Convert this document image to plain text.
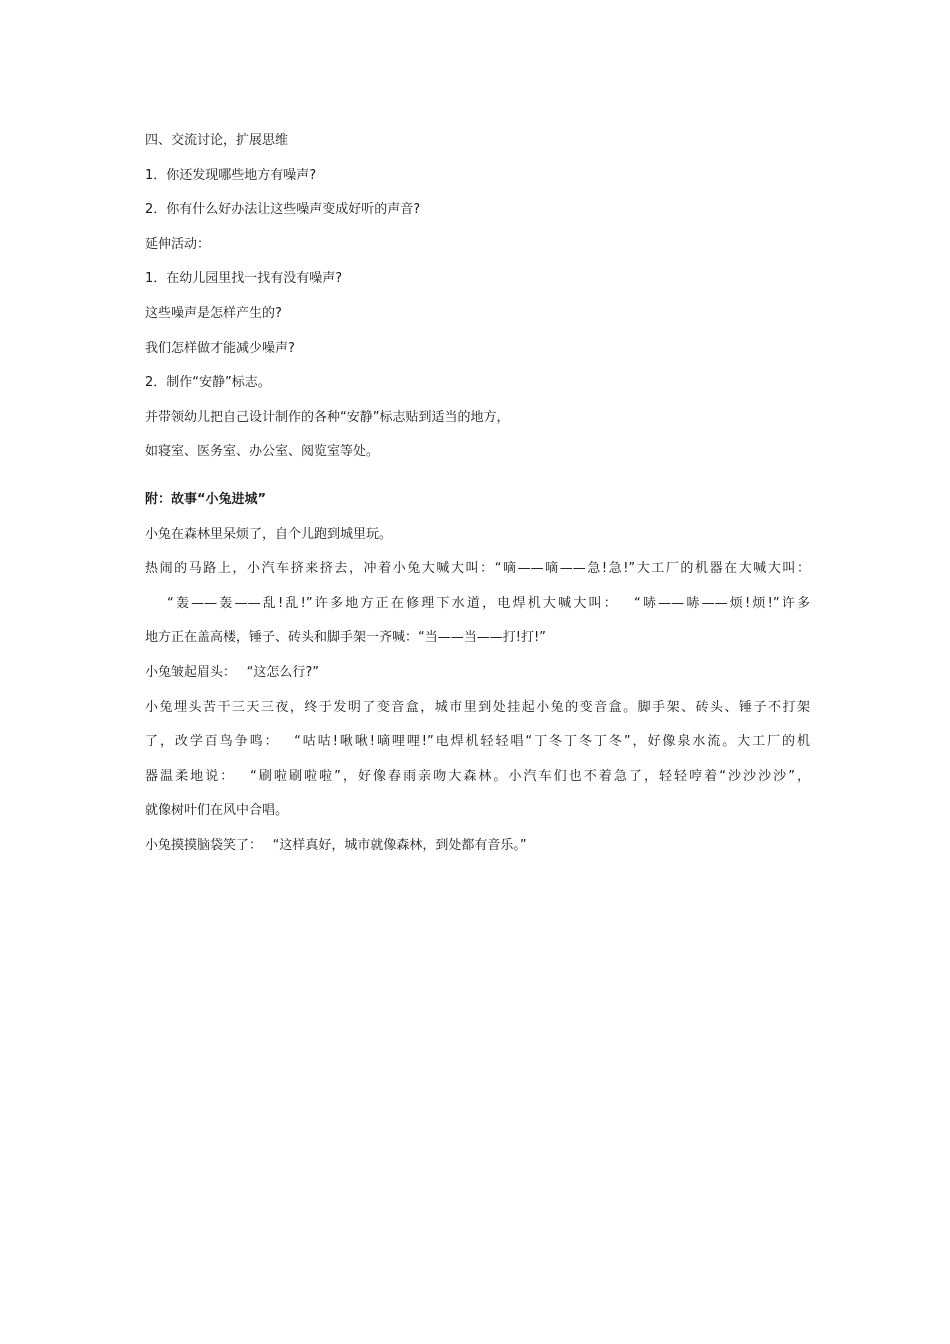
四、交流讨论，扩展思维
1．你还发现哪些地方有噪声?
2．你有什么好办法让这些噪声变成好听的声音?
延伸活动：
1．在幼儿园里找一找有没有噪声?
这些噪声是怎样产生的?
我们怎样做才能减少噪声?
2．制作“安静”标志。
并带领幼儿把自己设计制作的各种“安静”标志贴到适当的地方，
如寝室、医务室、办公室、阅览室等处。
附：故事“小兔进城”
小兔在森林里呆烦了，自个儿跑到城里玩。
热闹的马路上，小汽车挤来挤去，冲着小兔大喊大叫：“嘀——嘀——急!急!”大工厂的机器在大喊大叫：
“轰——轰——乱!乱!”许多地方正在修理下水道，电焊机大喊大叫：　 “哧——哧——烦!烦!”许多
地方正在盖高楼，锤子、砖头和脚手架一齐喊：“当——当——打!打!”
小兔皱起眉头：　 “这怎么行?”
小兔埋头苦干三天三夜，终于发明了变音盒，城市里到处挂起小兔的变音盒。脚手架、砖头、锤子不打架
了，改学百鸟争鸣：　 “咕咕!啾啾!嘀哩哩!”电焊机轻轻唱“丁冬丁冬丁冬”，好像泉水流。大工厂的机
器温柔地说：　 “刷啦刷啦啦”，好像春雨亲吻大森林。小汽车们也不着急了，轻轻哼着“沙沙沙沙”，
就像树叶们在风中合唱。
小兔摸摸脑袋笑了：　 “这样真好，城市就像森林，到处都有音乐。”
